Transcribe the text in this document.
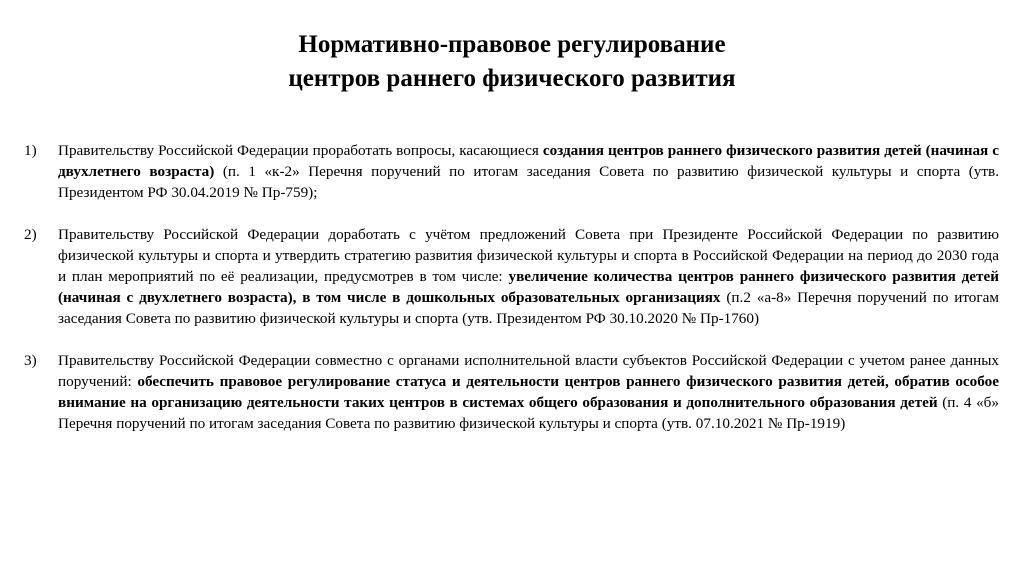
Нормативно-правовое регулирование
центров раннего физического развития
1) Правительству Российской Федерации проработать вопросы, касающиеся создания центров раннего физического развития детей (начиная с двухлетнего возраста) (п. 1 «к-2» Перечня поручений по итогам заседания Совета по развитию физической культуры и спорта (утв. Президентом РФ 30.04.2019 № Пр-759);
2) Правительству Российской Федерации доработать с учётом предложений Совета при Президенте Российской Федерации по развитию физической культуры и спорта и утвердить стратегию развития физической культуры и спорта в Российской Федерации на период до 2030 года и план мероприятий по её реализации, предусмотрев в том числе: увеличение количества центров раннего физического развития детей (начиная с двухлетнего возраста), в том числе в дошкольных образовательных организациях (п.2 «а-8» Перечня поручений по итогам заседания Совета по развитию физической культуры и спорта (утв. Президентом РФ 30.10.2020 № Пр-1760)
3) Правительству Российской Федерации совместно с органами исполнительной власти субъектов Российской Федерации с учетом ранее данных поручений: обеспечить правовое регулирование статуса и деятельности центров раннего физического развития детей, обратив особое внимание на организацию деятельности таких центров в системах общего образования и дополнительного образования детей (п. 4 «б» Перечня поручений по итогам заседания Совета по развитию физической культуры и спорта (утв. 07.10.2021 № Пр-1919)
